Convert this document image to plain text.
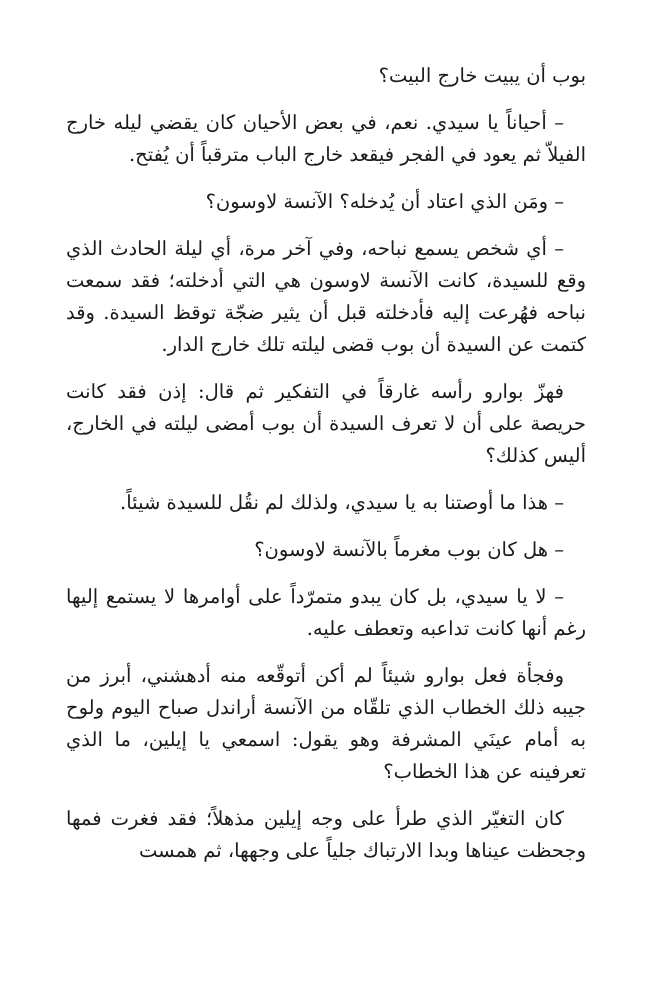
بوب أن يبيت خارج البيت؟

– أحياناً يا سيدي. نعم، في بعض الأحيان كان يقضي ليله خارج الفيلاّ ثم يعود في الفجر فيقعد خارج الباب مترقباً أن يُفتح.

– ومَن الذي اعتاد أن يُدخله؟ الآنسة لاوسون؟

– أي شخص يسمع نباحه، وفي آخر مرة، أي ليلة الحادث الذي وقع للسيدة، كانت الآنسة لاوسون هي التي أدخلته؛ فقد سمعت نباحه فهُرعت إليه فأدخلته قبل أن يثير ضجّة توقظ السيدة. وقد كتمت عن السيدة أن بوب قضى ليلته تلك خارج الدار.

فهزّ بوارو رأسه غارقاً في التفكير ثم قال: إذن فقد كانت حريصة على أن لا تعرف السيدة أن بوب أمضى ليلته في الخارج، أليس كذلك؟

– هذا ما أوصتنا به يا سيدي، ولذلك لم نقُل للسيدة شيئاً.

– هل كان بوب مغرماً بالآنسة لاوسون؟

– لا يا سيدي، بل كان يبدو متمرّداً على أوامرها لا يستمع إليها رغم أنها كانت تداعبه وتعطف عليه.

وفجأة فعل بوارو شيئاً لم أكن أتوقّعه منه أدهشني، أبرز من جيبه ذلك الخطاب الذي تلقّاه من الآنسة أراندل صباح اليوم ولوح به أمام عينَي المشرفة وهو يقول: اسمعي يا إيلين، ما الذي تعرفينه عن هذا الخطاب؟

كان التغيّر الذي طرأ على وجه إيلين مذهلاً؛ فقد فغرت فمها وجحظت عيناها وبدا الارتباك جلياً على وجهها، ثم همست
